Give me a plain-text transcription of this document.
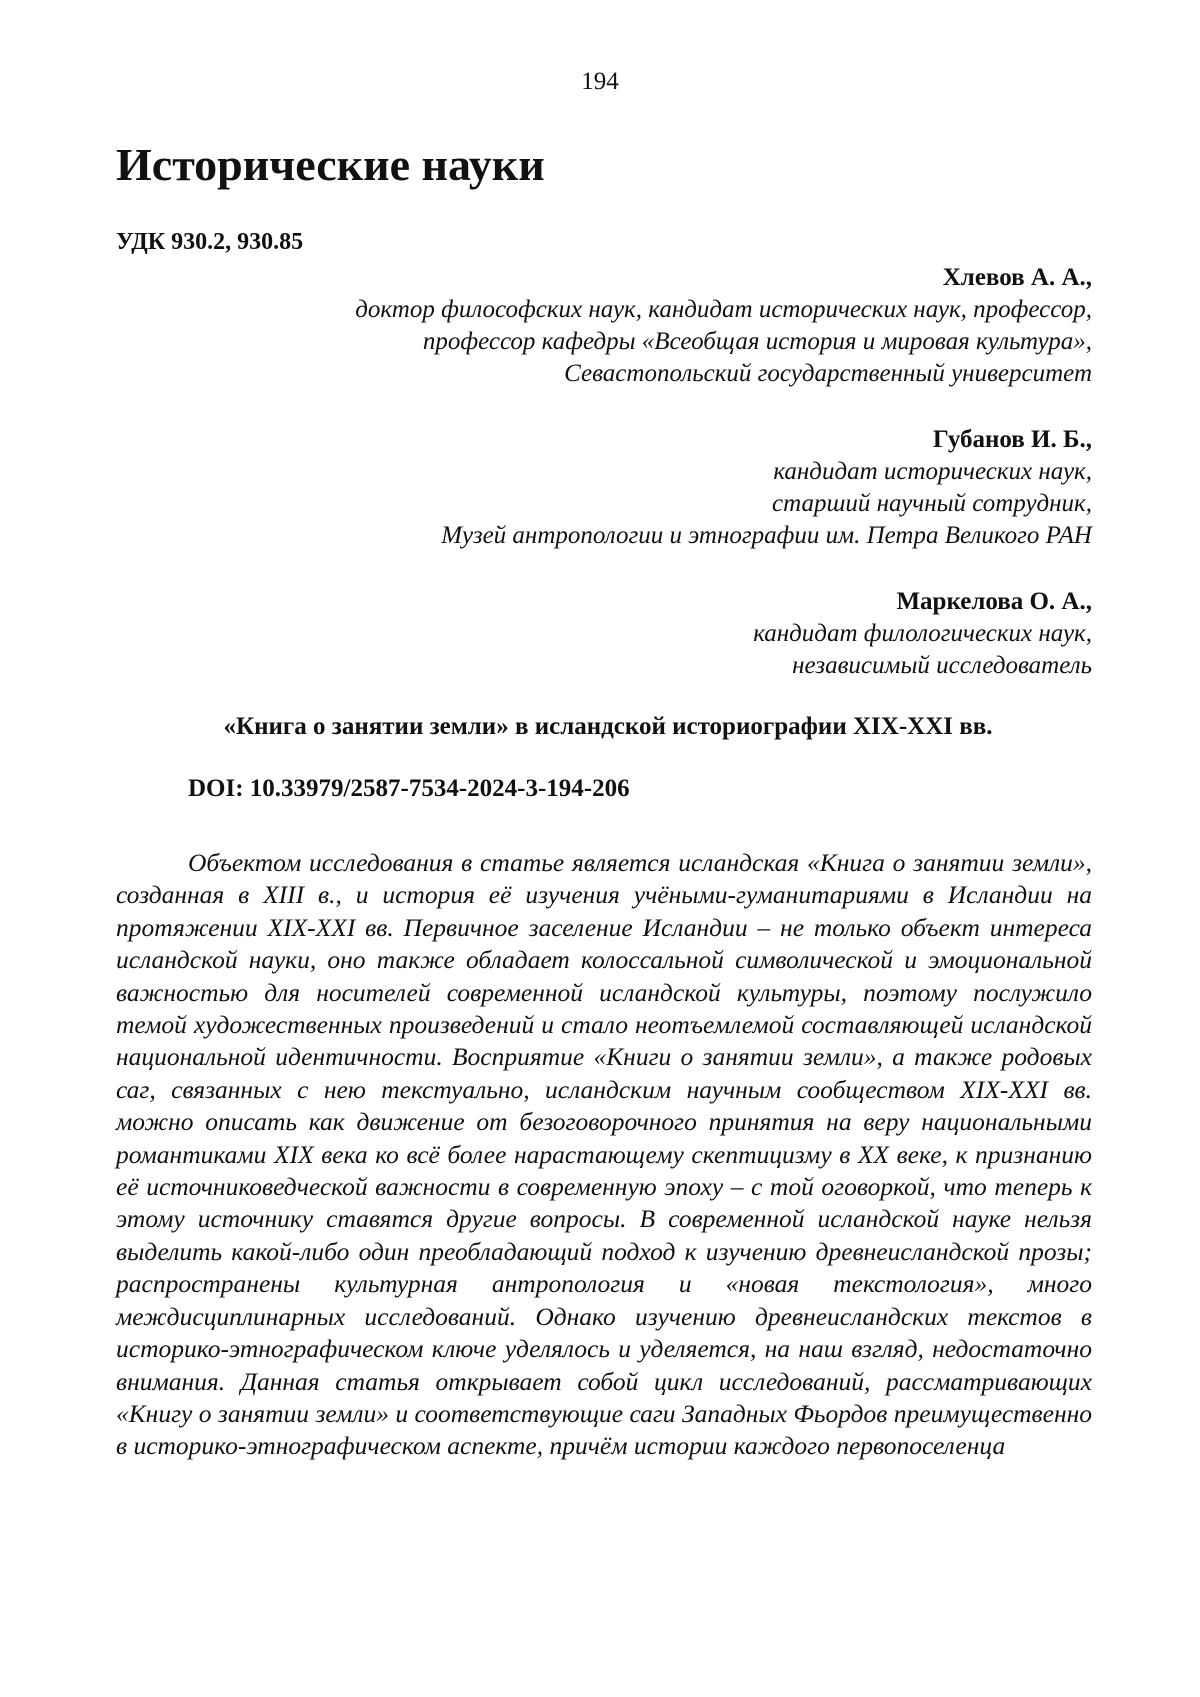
194
Исторические науки
УДК 930.2, 930.85
Хлевов А. А.,
доктор философских наук, кандидат исторических наук, профессор,
профессор кафедры «Всеобщая история и мировая культура»,
Севастопольский государственный университет
Губанов И. Б.,
кандидат исторических наук,
старший научный сотрудник,
Музей антропологии и этнографии им. Петра Великого РАН
Маркелова О. А.,
кандидат филологических наук,
независимый исследователь
«Книга о занятии земли» в исландской историографии XIX-XXI вв.
DOI: 10.33979/2587-7534-2024-3-194-206

Объектом исследования в статье является исландская «Книга о занятии земли», созданная в XIII в., и история её изучения учёными-гуманитариями в Исландии на протяжении XIX-XXI вв. Первичное заселение Исландии – не только объект интереса исландской науки, оно также обладает колоссальной символической и эмоциональной важностью для носителей современной исландской культуры, поэтому послужило темой художественных произведений и стало неотъемлемой составляющей исландской национальной идентичности. Восприятие «Книги о занятии земли», а также родовых саг, связанных с нею текстуально, исландским научным сообществом XIX-XXI вв. можно описать как движение от безоговорочного принятия на веру национальными романтиками XIX века ко всё более нарастающему скептицизму в XX веке, к признанию её источниковедческой важности в современную эпоху – с той оговоркой, что теперь к этому источнику ставятся другие вопросы. В современной исландской науке нельзя выделить какой-либо один преобладающий подход к изучению древнеисландской прозы; распространены культурная антропология и «новая текстология», много междисциплинарных исследований. Однако изучению древнеисландских текстов в историко-этнографическом ключе уделялось и уделяется, на наш взгляд, недостаточно внимания. Данная статья открывает собой цикл исследований, рассматривающих «Книгу о занятии земли» и соответствующие саги Западных Фьордов преимущественно в историко-этнографическом аспекте, причём истории каждого первопоселенца
